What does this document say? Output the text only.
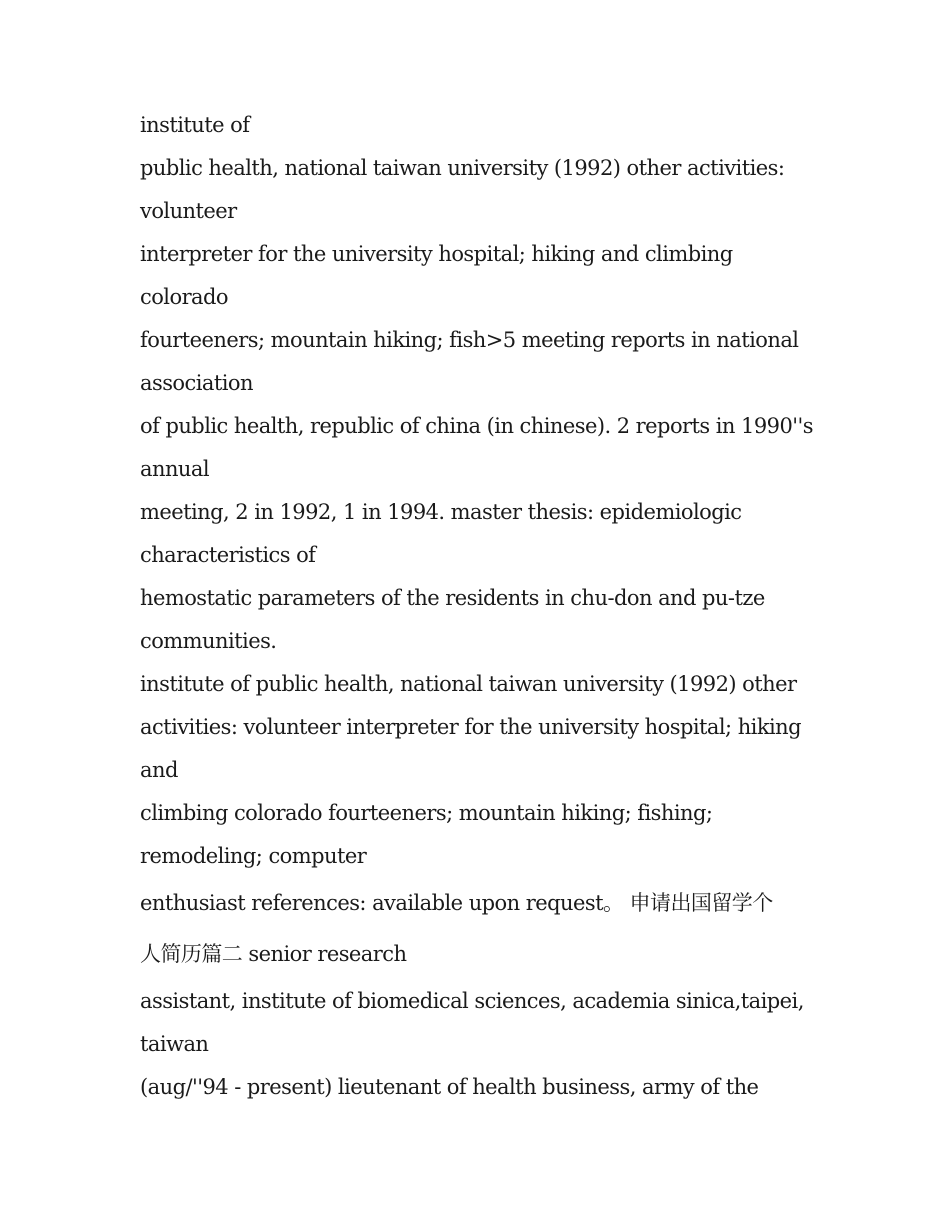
institute of
public health, national taiwan university (1992) other activities:
volunteer
interpreter for the university hospital; hiking and climbing
colorado
fourteeners; mountain hiking; fish>5 meeting reports in national
association
of public health, republic of china (in chinese). 2 reports in 1990''s
annual
meeting, 2 in 1992, 1 in 1994. master thesis: epidemiologic
characteristics of
hemostatic parameters of the residents in chu-don and pu-tze
communities.
institute of public health, national taiwan university (1992) other
activities: volunteer interpreter for the university hospital; hiking
and
climbing colorado fourteeners; mountain hiking; fishing;
remodeling; computer
enthusiast references: available upon request。 申请出国留学个
人简历篇二 senior research
assistant, institute of biomedical sciences, academia sinica,taipei,
taiwan
(aug/''94 - present) lieutenant of health business, army of the
